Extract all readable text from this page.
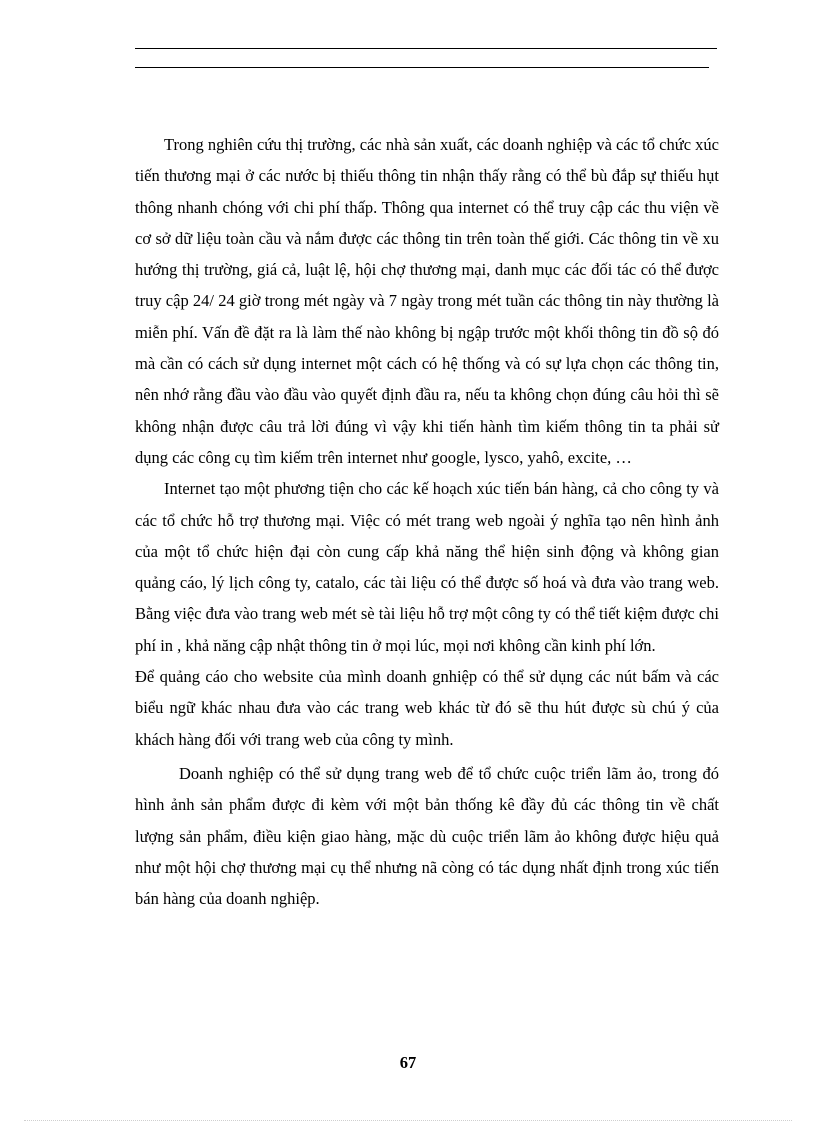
Trong nghiên cứu thị trường, các nhà sản xuất, các doanh nghiệp và các tổ chức xúc tiến thương mại ở các nước bị thiếu thông tin nhận thấy rằng có thể bù đắp sự thiếu hụt thông nhanh chóng với chi phí thấp. Thông qua internet có thể truy cập các thu viện về cơ sở dữ liệu toàn cầu và nắm được các thông tin trên toàn thế giới. Các thông tin về xu hướng thị trường, giá cả, luật lệ, hội chợ thương mại, danh mục các đối tác có thể được truy cập 24/ 24 giờ trong mét ngày và 7 ngày trong mét tuần các thông tin này thường là miễn phí. Vấn đề đặt ra là làm thế nào không bị ngập trước một khối thông tin đồ sộ đó mà cần có cách sử dụng internet một cách có hệ thống và có sự lựa chọn các thông tin, nên nhớ rằng đầu vào đầu vào quyết định đầu ra, nếu ta không chọn đúng câu hỏi thì sẽ không nhận được câu trả lời đúng vì vậy khi tiến hành tìm kiếm thông tin ta phải sử dụng các công cụ tìm kiếm trên internet như google, lysco, yahô, excite, …

Internet tạo một phương tiện cho các kế hoạch xúc tiến bán hàng, cả cho công ty và các tổ chức hỗ trợ thương mại. Việc có mét trang web ngoài ý nghĩa tạo nên hình ảnh của một tổ chức hiện đại còn cung cấp khả năng thể hiện sinh động và không gian quảng cáo, lý lịch công ty, catalo, các tài liệu có thể được số hoá và đưa vào trang web. Bằng việc đưa vào trang web mét sè tài liệu hỗ trợ một công ty có thể tiết kiệm được chi phí in , khả năng cập nhật thông tin ở mọi lúc, mọi nơi không cần kinh phí lớn.

Để quảng cáo cho website của mình doanh gnhiệp có thể sử dụng các nút bấm và các biểu ngữ khác nhau đưa vào các trang web khác từ đó sẽ thu hút được sù chú ý của khách hàng đối với trang web của công ty mình.

Doanh nghiệp có thể sử dụng trang web để tổ chức cuộc triển lãm ảo, trong đó hình ảnh sản phẩm được đi kèm với một bản thống kê đầy đủ các thông tin về chất lượng sản phẩm, điều kiện giao hàng, mặc dù cuộc triển lãm ảo không được hiệu quả như một hội chợ thương mại cụ thể nhưng nã còng có tác dụng nhất định trong xúc tiến bán hàng của doanh nghiệp.

67
